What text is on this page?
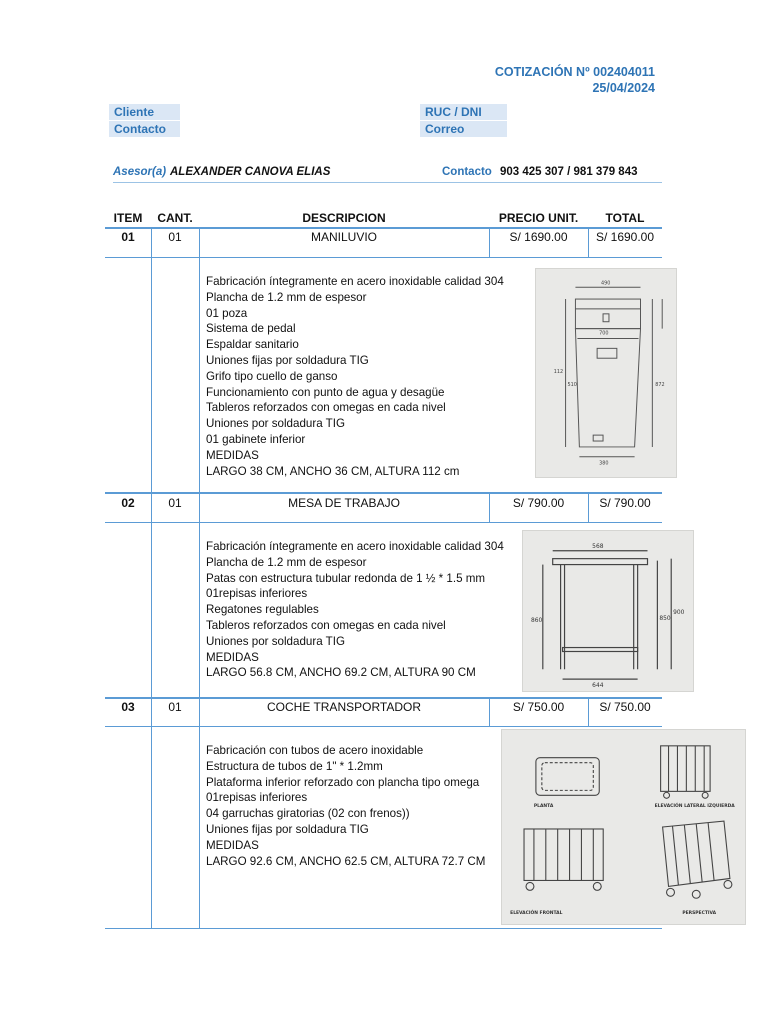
COTIZACIÓN Nº 002404011
25/04/2024
Cliente
Contacto
RUC / DNI
Correo
Asesor(a) ALEXANDER CANOVA ELIAS	Contacto 903 425 307 / 981 379 843
ITEM	CANT.	DESCRIPCION	PRECIO UNIT.	TOTAL
01	01	MANILUVIO	S/ 1690.00	S/ 1690.00
Fabricación íntegramente en acero inoxidable calidad 304
Plancha de 1.2 mm de espesor
01 poza
Sistema de pedal
Espaldar sanitario
Uniones fijas por soldadura TIG
Grifo tipo cuello de ganso
Funcionamiento con punto de agua y desagüe
Tableros reforzados con omegas en cada nivel
Uniones por soldadura TIG
01 gabinete inferior
MEDIDAS
LARGO 38 CM, ANCHO 36 CM, ALTURA 112 cm
490
700
380
112
510	872
02	01	MESA DE TRABAJO	S/ 790.00	S/ 790.00
Fabricación íntegramente en acero inoxidable calidad 304
Plancha de 1.2 mm de espesor
Patas con estructura tubular redonda de 1 ½ * 1.5 mm
01repisas inferiores
Regatones regulables
Tableros reforzados con omegas en cada nivel
Uniones por soldadura TIG
MEDIDAS
LARGO 56.8 CM, ANCHO 69.2 CM, ALTURA 90 CM
568
644
860
900
850
03	01	COCHE TRANSPORTADOR	S/ 750.00	S/ 750.00
Fabricación con tubos de acero inoxidable
Estructura de tubos de 1" * 1.2mm
Plataforma inferior reforzado con plancha tipo omega
01repisas inferiores
04 garruchas giratorias (02 con frenos))
Uniones fijas por soldadura TIG
MEDIDAS
LARGO 92.6 CM, ANCHO 62.5 CM, ALTURA 72.7 CM
PLANTA	ELEVACIÓN LATERAL IZQUIERDA
ELEVACIÓN FRONTAL	PERSPECTIVA
